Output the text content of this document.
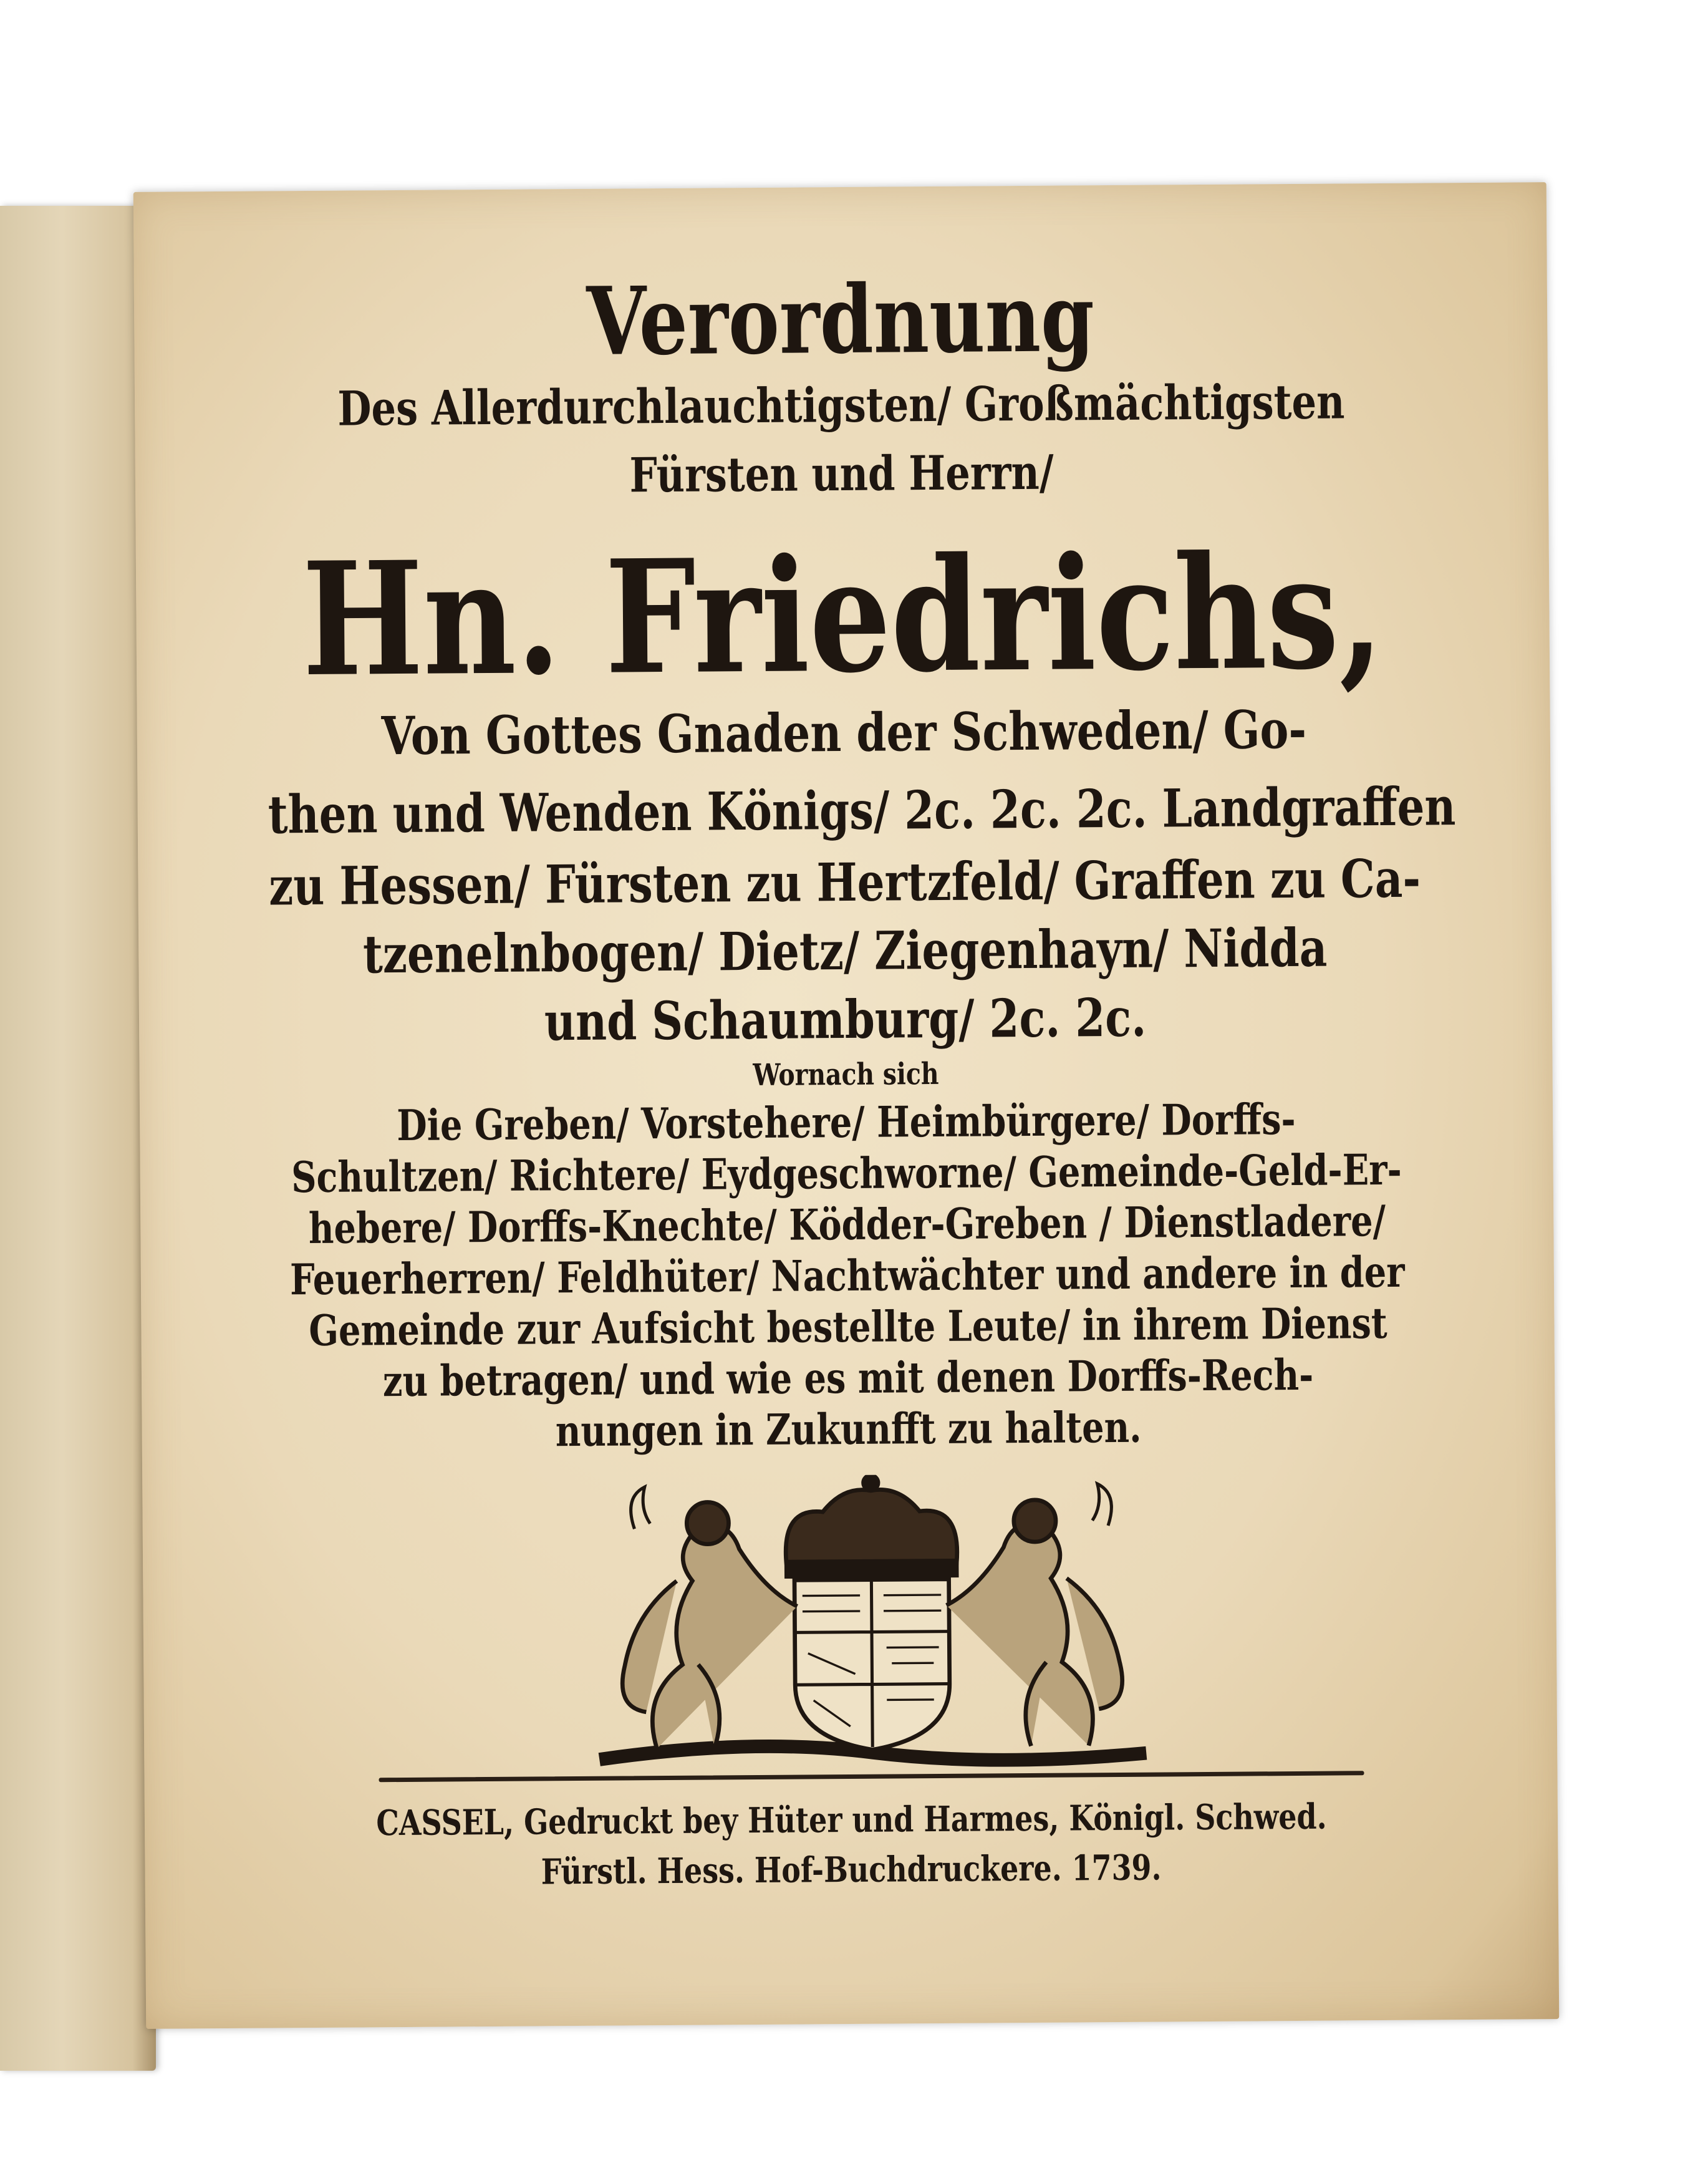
Verordnung
Des Allerdurchlauchtigsten/ Großmächtigsten
Fürsten und Herrn/
Hn. Friedrichs,
Von Gottes Gnaden der Schweden/ Go-
then und Wenden Königs/ 2c. 2c. 2c. Landgraffen
zu Hessen/ Fürsten zu Hertzfeld/ Graffen zu Ca-
tzenelnbogen/ Dietz/ Ziegenhayn/ Nidda
und Schaumburg/ 2c. 2c.
Wornach sich
Die Greben/ Vorstehere/ Heimbürgere/ Dorffs-
Schultzen/ Richtere/ Eydgeschworne/ Gemeinde-Geld-Er-
hebere/ Dorffs-Knechte/ Ködder-Greben / Dienstladere/
Feuerherren/ Feldhüter/ Nachtwächter und andere in der
Gemeinde zur Aufsicht bestellte Leute/ in ihrem Dienst
zu betragen/ und wie es mit denen Dorffs-Rech-
nungen in Zukunfft zu halten.
CASSEL, Gedruckt bey Hüter und Harmes, Königl. Schwed.
Fürstl. Hess. Hof-Buchdruckere. 1739.
